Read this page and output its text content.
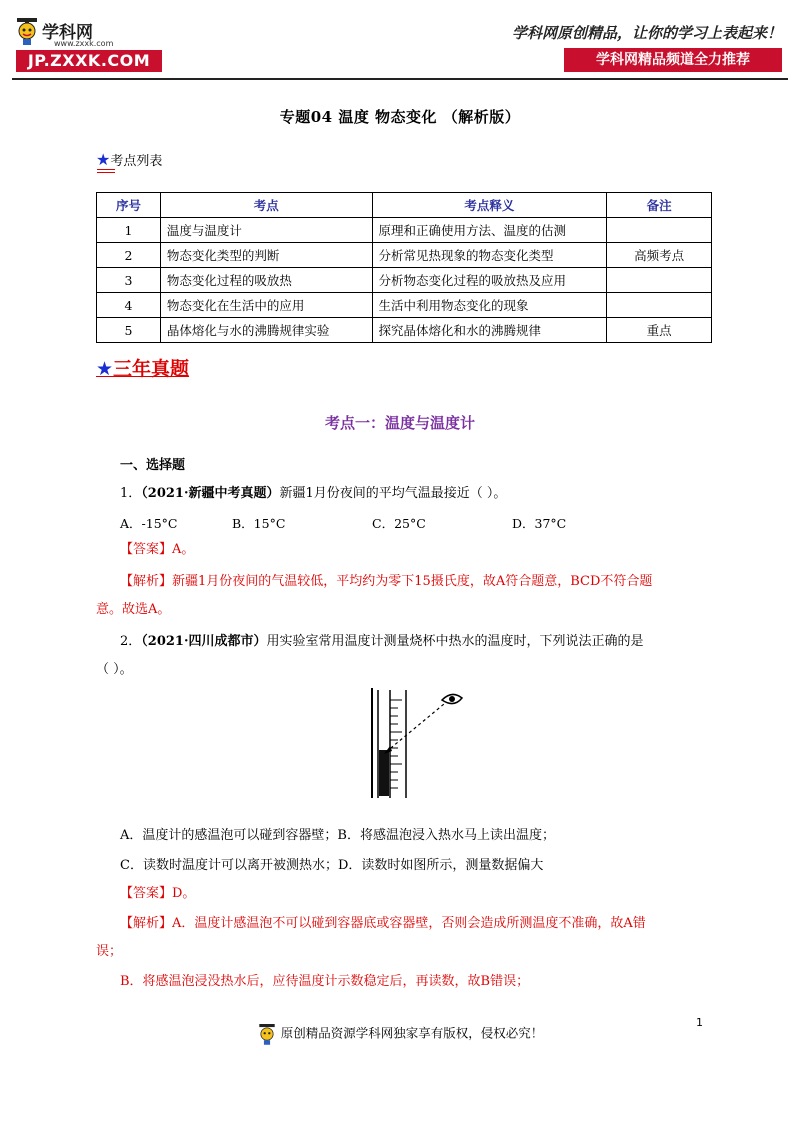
学科网
www.zxxk.com
JP.ZXXK.COM
学科网原创精品，让你的学习上表起来！
学科网精品频道全力推荐
专题04 温度 物态变化 （解析版）
★考点列表
序号	考点	考点释义	备注
1	温度与温度计	原理和正确使用方法、温度的估测	
2	物态变化类型的判断	分析常见热现象的物态变化类型	高频考点
3	物态变化过程的吸放热	分析物态变化过程的吸放热及应用	
4	物态变化在生活中的应用	生活中利用物态变化的现象	
5	晶体熔化与水的沸腾规律实验	探究晶体熔化和水的沸腾规律	重点
★三年真题
考点一：温度与温度计
一、选择题
1．（2021·新疆中考真题）新疆1月份夜间的平均气温最接近（ ）。
A．-15°C	B．15°C	C．25°C	D．37°C
【答案】A。
【解析】新疆1月份夜间的气温较低，平均约为零下15摄氏度，故A符合题意，BCD不符合题
意。故选A。
2．（2021·四川成都市）用实验室常用温度计测量烧杯中热水的温度时，下列说法正确的是
（ ）。
A．温度计的感温泡可以碰到容器壁；B．将感温泡浸入热水马上读出温度；
C．读数时温度计可以离开被测热水；D．读数时如图所示，测量数据偏大
【答案】D。
【解析】A．温度计感温泡不可以碰到容器底或容器壁，否则会造成所测温度不准确，故A错
误；
B．将感温泡浸没热水后，应待温度计示数稳定后，再读数，故B错误；
1
原创精品资源学科网独家享有版权，侵权必究！
